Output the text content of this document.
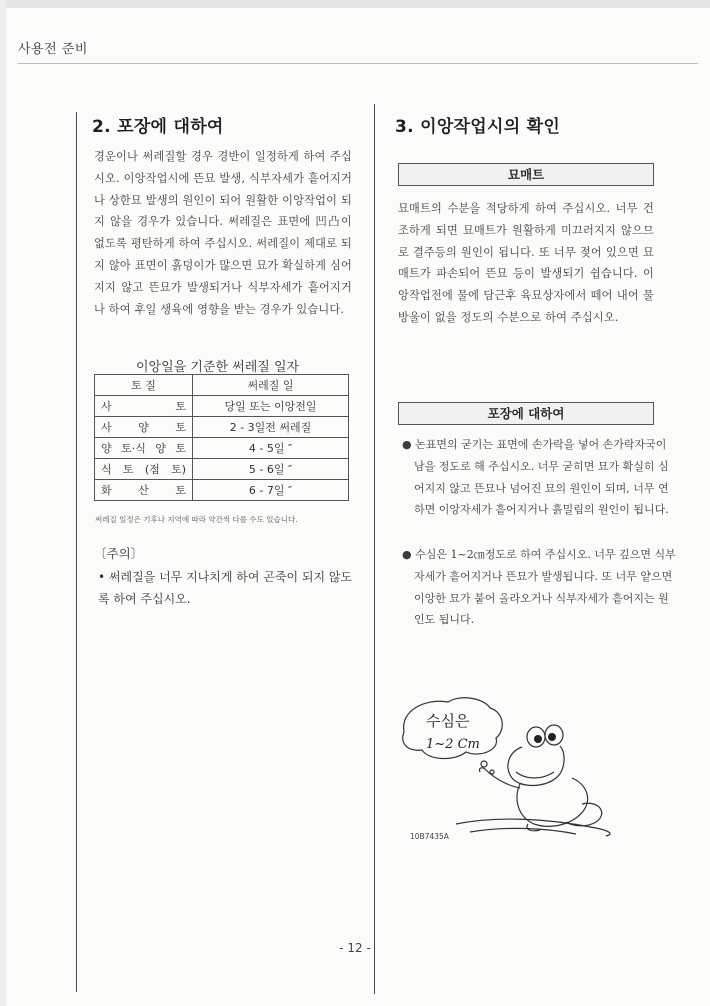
사용전 준비
2. 포장에 대하여
경운이나 써레질할 경우 경반이 일정하게 하여 주십시오. 이앙작업시에 뜬묘 발생, 식부자세가 흩어지거나 상한묘 발생의 원인이 되어 원활한 이앙작업이 되지 않을 경우가 있습니다. 써레질은 표면에 凹凸이 없도록 평탄하게 하여 주십시오. 써레질이 제대로 되지 않아 표면이 흙덩이가 많으면 묘가 확실하게 심어지지 않고 뜬묘가 발생되거나 식부자세가 흩어지거나 하여 후일 생육에 영향을 받는 경우가 있습니다.
이앙일을 기준한 써레질 일자
토 질	써레질 일
사 토	당일 또는 이앙전일
사 양 토	2 - 3일전 써레질
양 토·식 양 토	4 - 5일 ″
식 토 (점 토)	5 - 6일 ″
화 산 토	6 - 7일 ″
써레질 일정은 기후나 지역에 따라 약간씩 다를 수도 있습니다.
〔주의〕
• 써레질을 너무 지나치게 하여 곤죽이 되지 않도록 하여 주십시오.
3. 이앙작업시의 확인
묘매트
묘매트의 수분을 적당하게 하여 주십시오. 너무 건조하게 되면 묘매트가 원활하게 미끄러지지 않으므로 결주등의 원인이 됩니다. 또 너무 젖어 있으면 묘매트가 파손되어 뜬묘 등이 발생되기 쉽습니다. 이앙작업전에 물에 담근후 육묘상자에서 떼어 내어 물방울이 없을 정도의 수분으로 하여 주십시오.
포장에 대하여
● 논표면의 굳기는 표면에 손가락을 넣어 손가락자국이 남을 정도로 해 주십시오. 너무 굳히면 묘가 확실히 심어지지 않고 뜬묘나 넘어진 묘의 원인이 되며, 너무 연하면 이앙자세가 흩어지거나 흙밀림의 원인이 됩니다.
● 수심은 1~2㎝정도로 하여 주십시오. 너무 깊으면 식부자세가 흩어지거나 뜬묘가 발생됩니다. 또 너무 얕으면 이앙한 묘가 붙어 올라오거나 식부자세가 흩어지는 원인도 됩니다.
수심은
1~2 Cm
10B7435A
- 12 -
